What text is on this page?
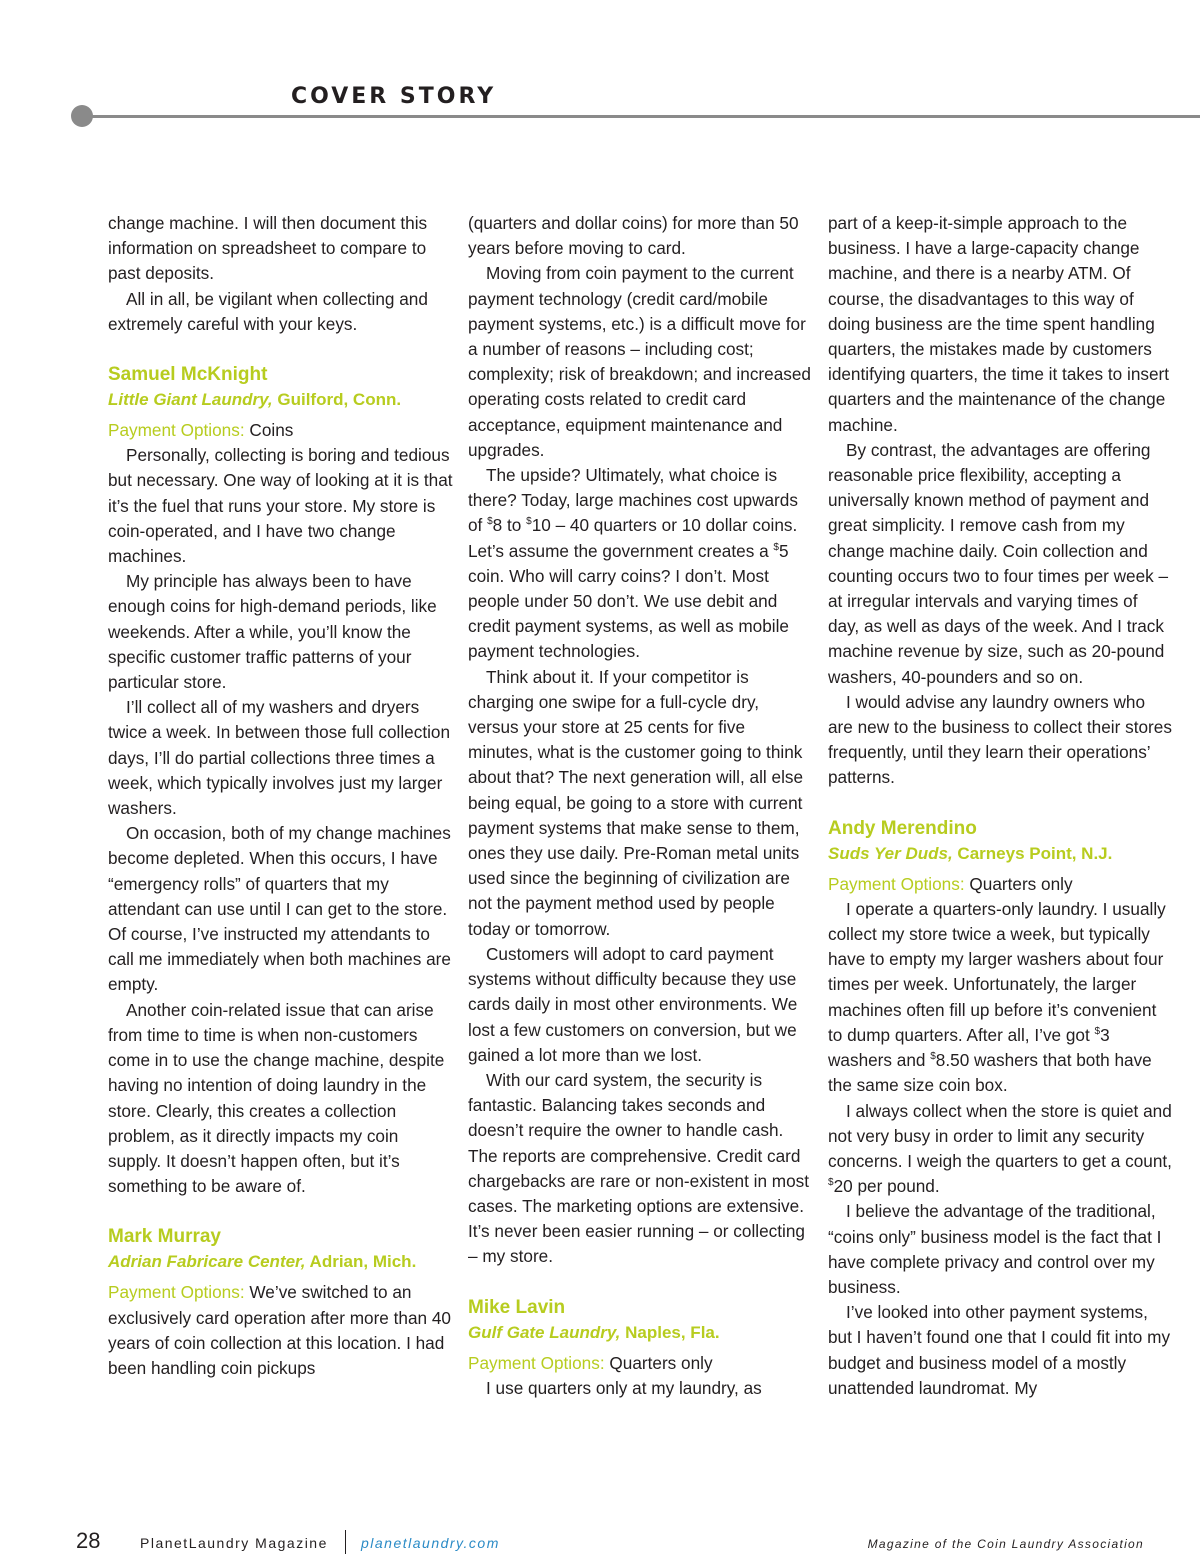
COVER STORY

change machine. I will then document this information on spreadsheet to compare to past deposits.

All in all, be vigilant when collecting and extremely careful with your keys.

Samuel McKnight

Little Giant Laundry, Guilford, Conn.

Payment Options: Coins

Personally, collecting is boring and tedious but necessary. One way of looking at it is that it’s the fuel that runs your store. My store is coin-operated, and I have two change machines.

My principle has always been to have enough coins for high-demand periods, like weekends. After a while, you’ll know the specific customer traffic patterns of your particular store.

I’ll collect all of my washers and dryers twice a week. In between those full collection days, I’ll do partial collections three times a week, which typically involves just my larger washers.

On occasion, both of my change machines become depleted. When this occurs, I have “emergency rolls” of quarters that my attendant can use until I can get to the store. Of course, I’ve instructed my attendants to call me immediately when both machines are empty.

Another coin-related issue that can arise from time to time is when non-customers come in to use the change machine, despite having no intention of doing laundry in the store. Clearly, this creates a collection problem, as it directly impacts my coin supply. It doesn’t happen often, but it’s something to be aware of.

Mark Murray

Adrian Fabricare Center, Adrian, Mich.

Payment Options: We’ve switched to an exclusively card operation after more than 40 years of coin collection at this location. I had been handling coin pickups

(quarters and dollar coins) for more than 50 years before moving to card.

Moving from coin payment to the current payment technology (credit card/mobile payment systems, etc.) is a difficult move for a number of reasons – including cost; complexity; risk of breakdown; and increased operating costs related to credit card acceptance, equipment maintenance and upgrades.

The upside? Ultimately, what choice is there? Today, large machines cost upwards of $8 to $10 – 40 quarters or 10 dollar coins. Let’s assume the government creates a $5 coin. Who will carry coins? I don’t. Most people under 50 don’t. We use debit and credit payment systems, as well as mobile payment technologies.

Think about it. If your competitor is charging one swipe for a full-cycle dry, versus your store at 25 cents for five minutes, what is the customer going to think about that? The next generation will, all else being equal, be going to a store with current payment systems that make sense to them, ones they use daily. Pre-Roman metal units used since the beginning of civilization are not the payment method used by people today or tomorrow.

Customers will adopt to card payment systems without difficulty because they use cards daily in most other environments. We lost a few customers on conversion, but we gained a lot more than we lost.

With our card system, the security is fantastic. Balancing takes seconds and doesn’t require the owner to handle cash. The reports are comprehensive. Credit card chargebacks are rare or non-existent in most cases. The marketing options are extensive. It’s never been easier running – or collecting – my store.

Mike Lavin

Gulf Gate Laundry, Naples, Fla.

Payment Options: Quarters only

I use quarters only at my laundry, as

part of a keep-it-simple approach to the business. I have a large-capacity change machine, and there is a nearby ATM. Of course, the disadvantages to this way of doing business are the time spent handling quarters, the mistakes made by customers identifying quarters, the time it takes to insert quarters and the maintenance of the change machine.

By contrast, the advantages are offering reasonable price flexibility, accepting a universally known method of payment and great simplicity. I remove cash from my change machine daily. Coin collection and counting occurs two to four times per week – at irregular intervals and varying times of day, as well as days of the week. And I track machine revenue by size, such as 20-pound washers, 40-pounders and so on.

I would advise any laundry owners who are new to the business to collect their stores frequently, until they learn their operations’ patterns.

Andy Merendino

Suds Yer Duds, Carneys Point, N.J.

Payment Options: Quarters only

I operate a quarters-only laundry. I usually collect my store twice a week, but typically have to empty my larger washers about four times per week. Unfortunately, the larger machines often fill up before it’s convenient to dump quarters. After all, I’ve got $3 washers and $8.50 washers that both have the same size coin box.

I always collect when the store is quiet and not very busy in order to limit any security concerns. I weigh the quarters to get a count, $20 per pound.

I believe the advantage of the traditional, “coins only” business model is the fact that I have complete privacy and control over my business.

I’ve looked into other payment systems, but I haven’t found one that I could fit into my budget and business model of a mostly unattended laundromat. My

28	PlanetLaundry Magazine planetlaundry.com	Magazine of the Coin Laundry Association
